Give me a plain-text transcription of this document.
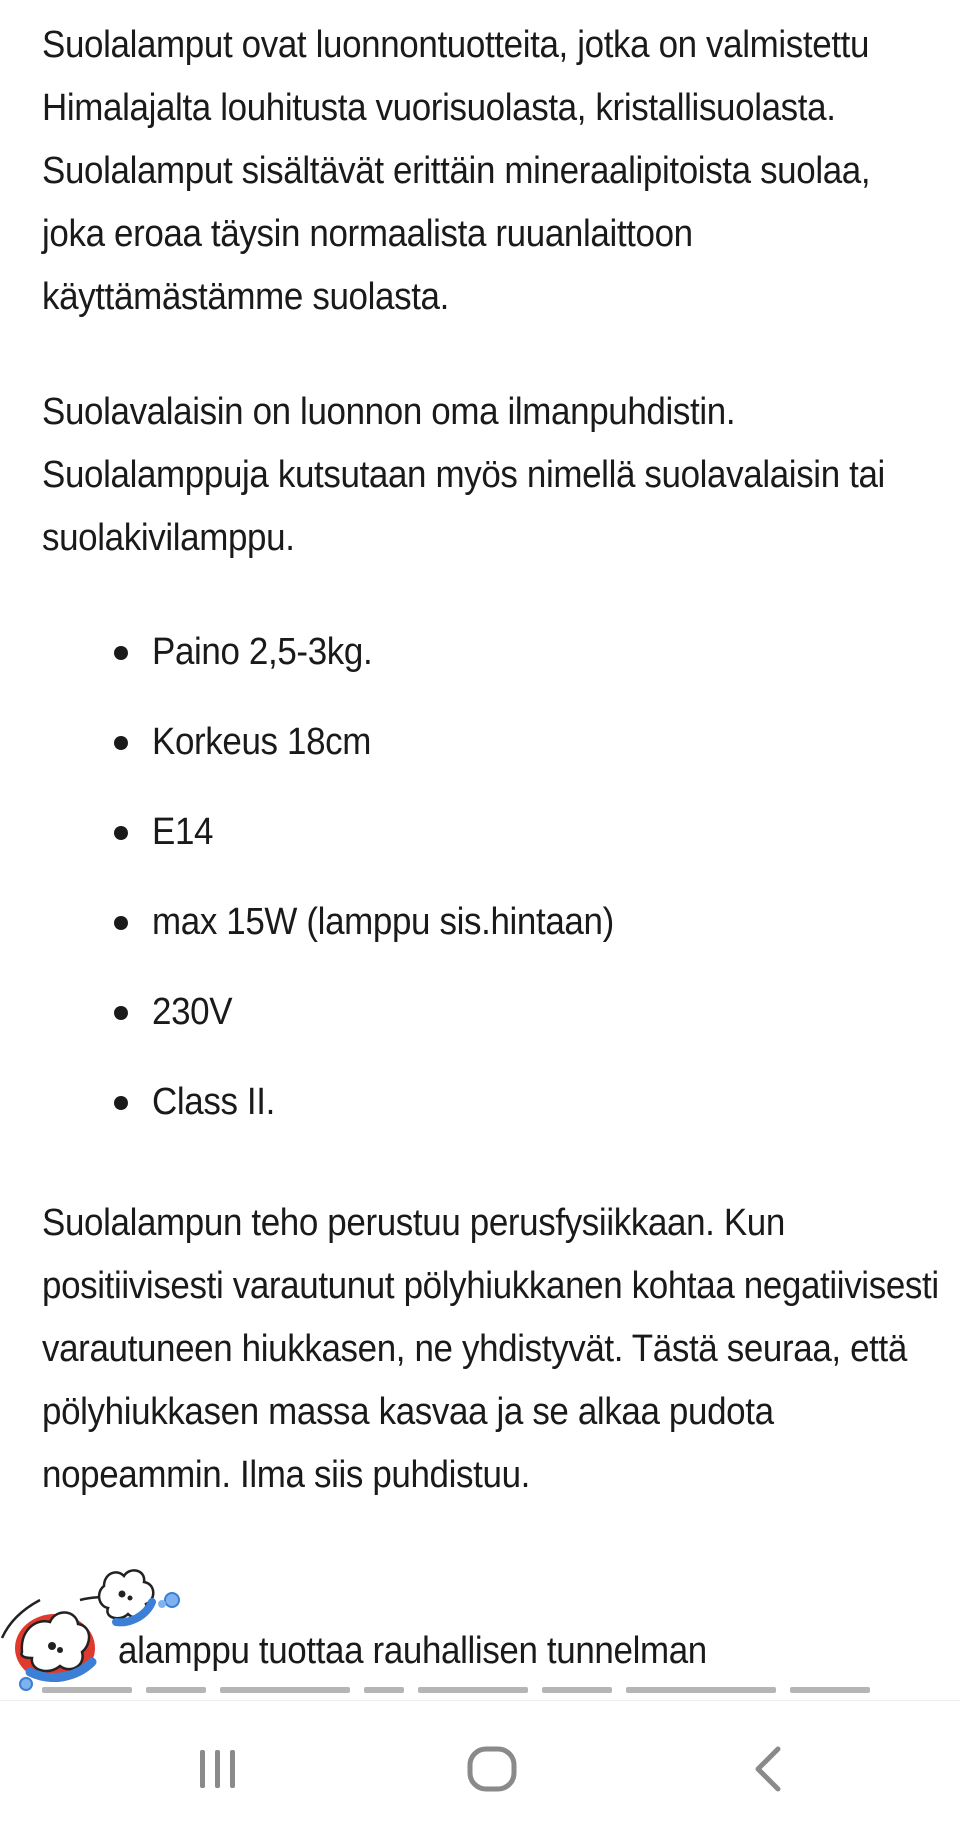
Suolalamput ovat luonnontuotteita, jotka on valmistettu Himalajalta louhitusta vuorisuolasta, kristallisuolasta. Suolalamput sisältävät erittäin mineraalipitoista suolaa, joka eroaa täysin normaalista ruuanlaittoon käyttämästämme suolasta.

Suolavalaisin on luonnon oma ilmanpuhdistin. Suolalamppuja kutsutaan myös nimellä suolavalaisin tai suolakivilamppu.

Paino 2,5-3kg.
Korkeus 18cm
E14
max 15W (lamppu sis.hintaan)
230V
Class II.

Suolalampun teho perustuu perusfysiikkaan. Kun positiivisesti varautunut pölyhiukkanen kohtaa negatiivisesti varautuneen hiukkasen, ne yhdistyvät. Tästä seuraa, että pölyhiukkasen massa kasvaa ja se alkaa pudota nopeammin. Ilma siis puhdistuu.

alamppu tuottaa rauhallisen tunnelman
